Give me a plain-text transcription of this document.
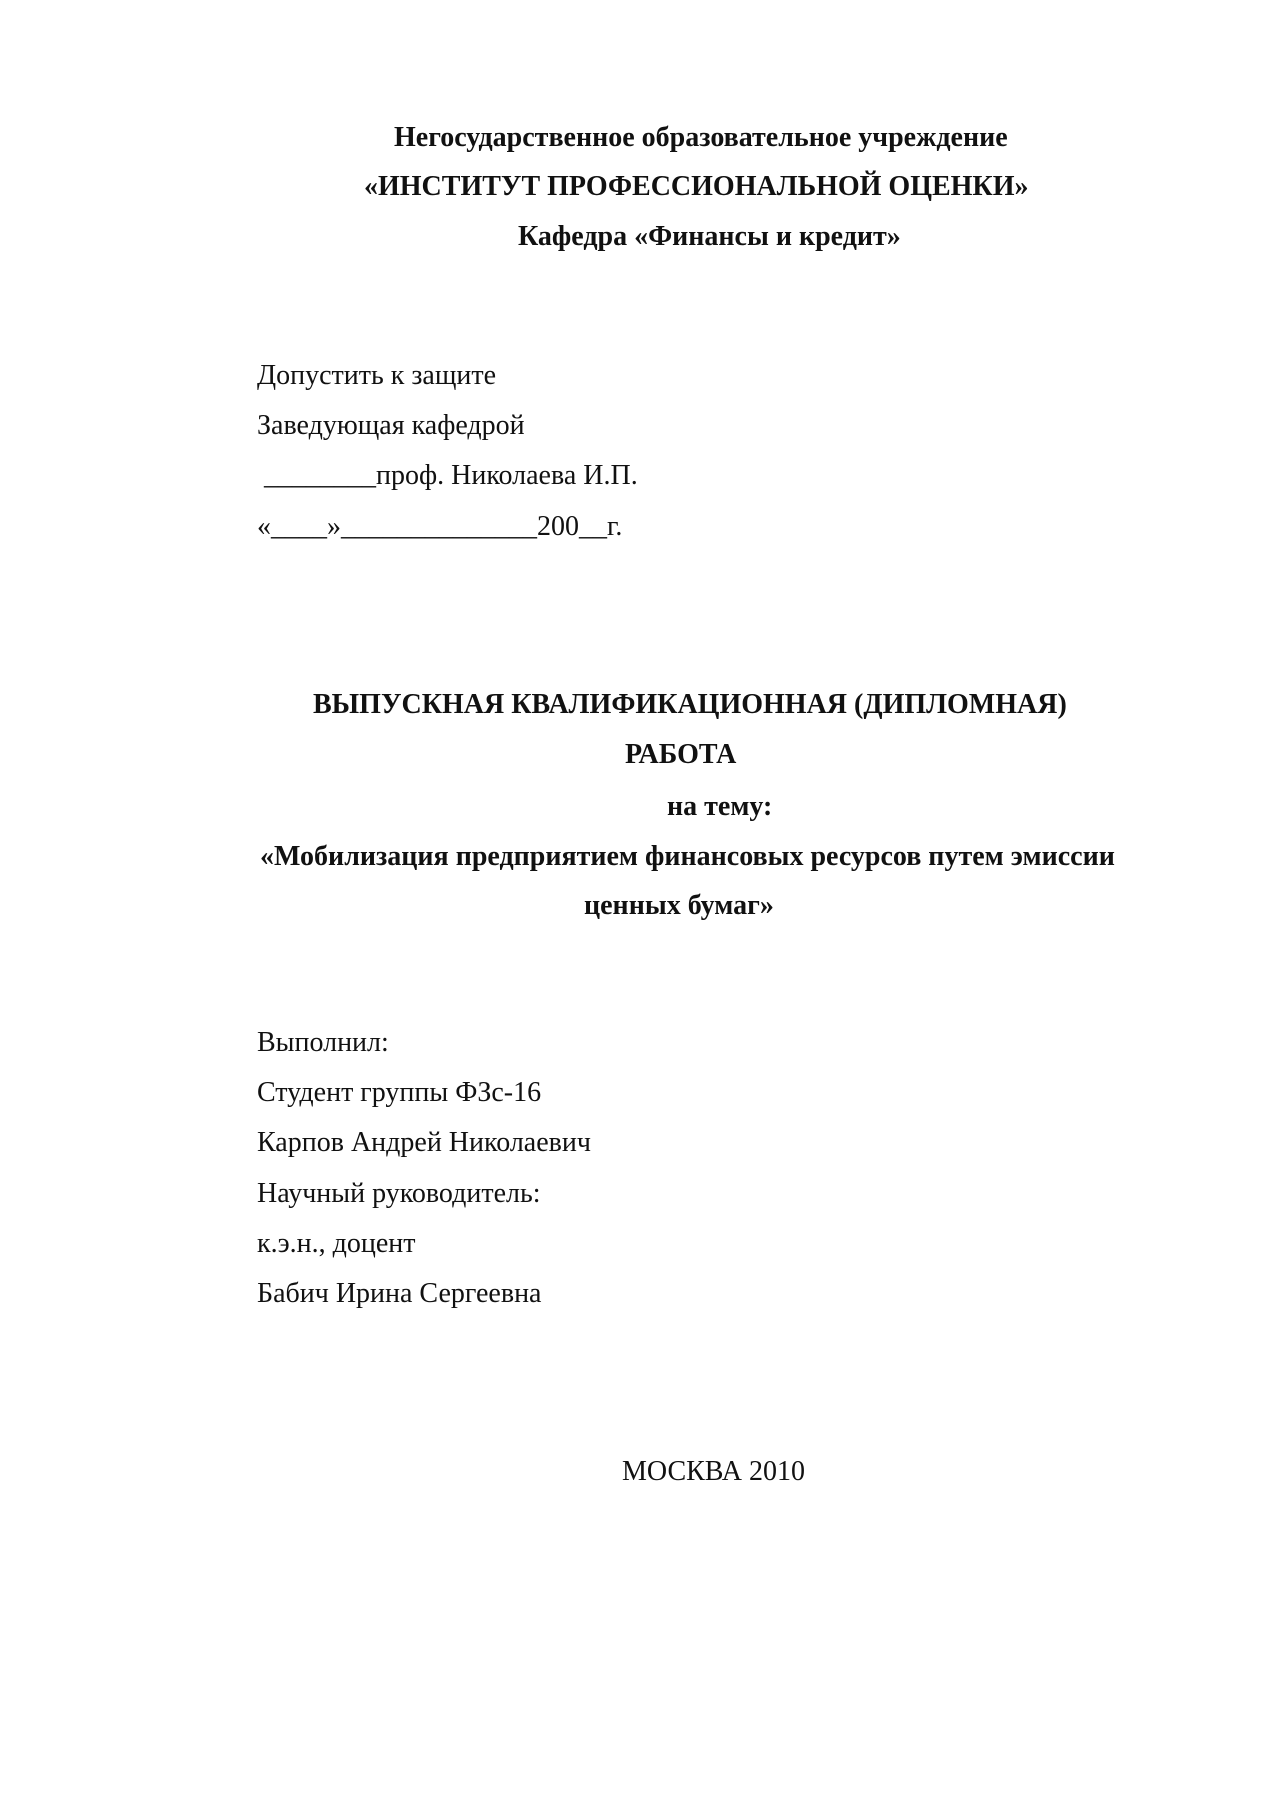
Негосударственное образовательное учреждение
«ИНСТИТУТ ПРОФЕССИОНАЛЬНОЙ ОЦЕНКИ»
Кафедра «Финансы и кредит»
Допустить к защите
Заведующая кафедрой
________проф. Николаева И.П.
«____»______________200__г.
ВЫПУСКНАЯ КВАЛИФИКАЦИОННАЯ (ДИПЛОМНАЯ)
РАБОТА
на тему:
«Мобилизация предприятием финансовых ресурсов путем эмиссии
ценных бумаг»
Выполнил:
Студент группы ФЗс-16
Карпов Андрей Николаевич
Научный руководитель:
к.э.н., доцент
Бабич Ирина Сергеевна
МОСКВА 2010
